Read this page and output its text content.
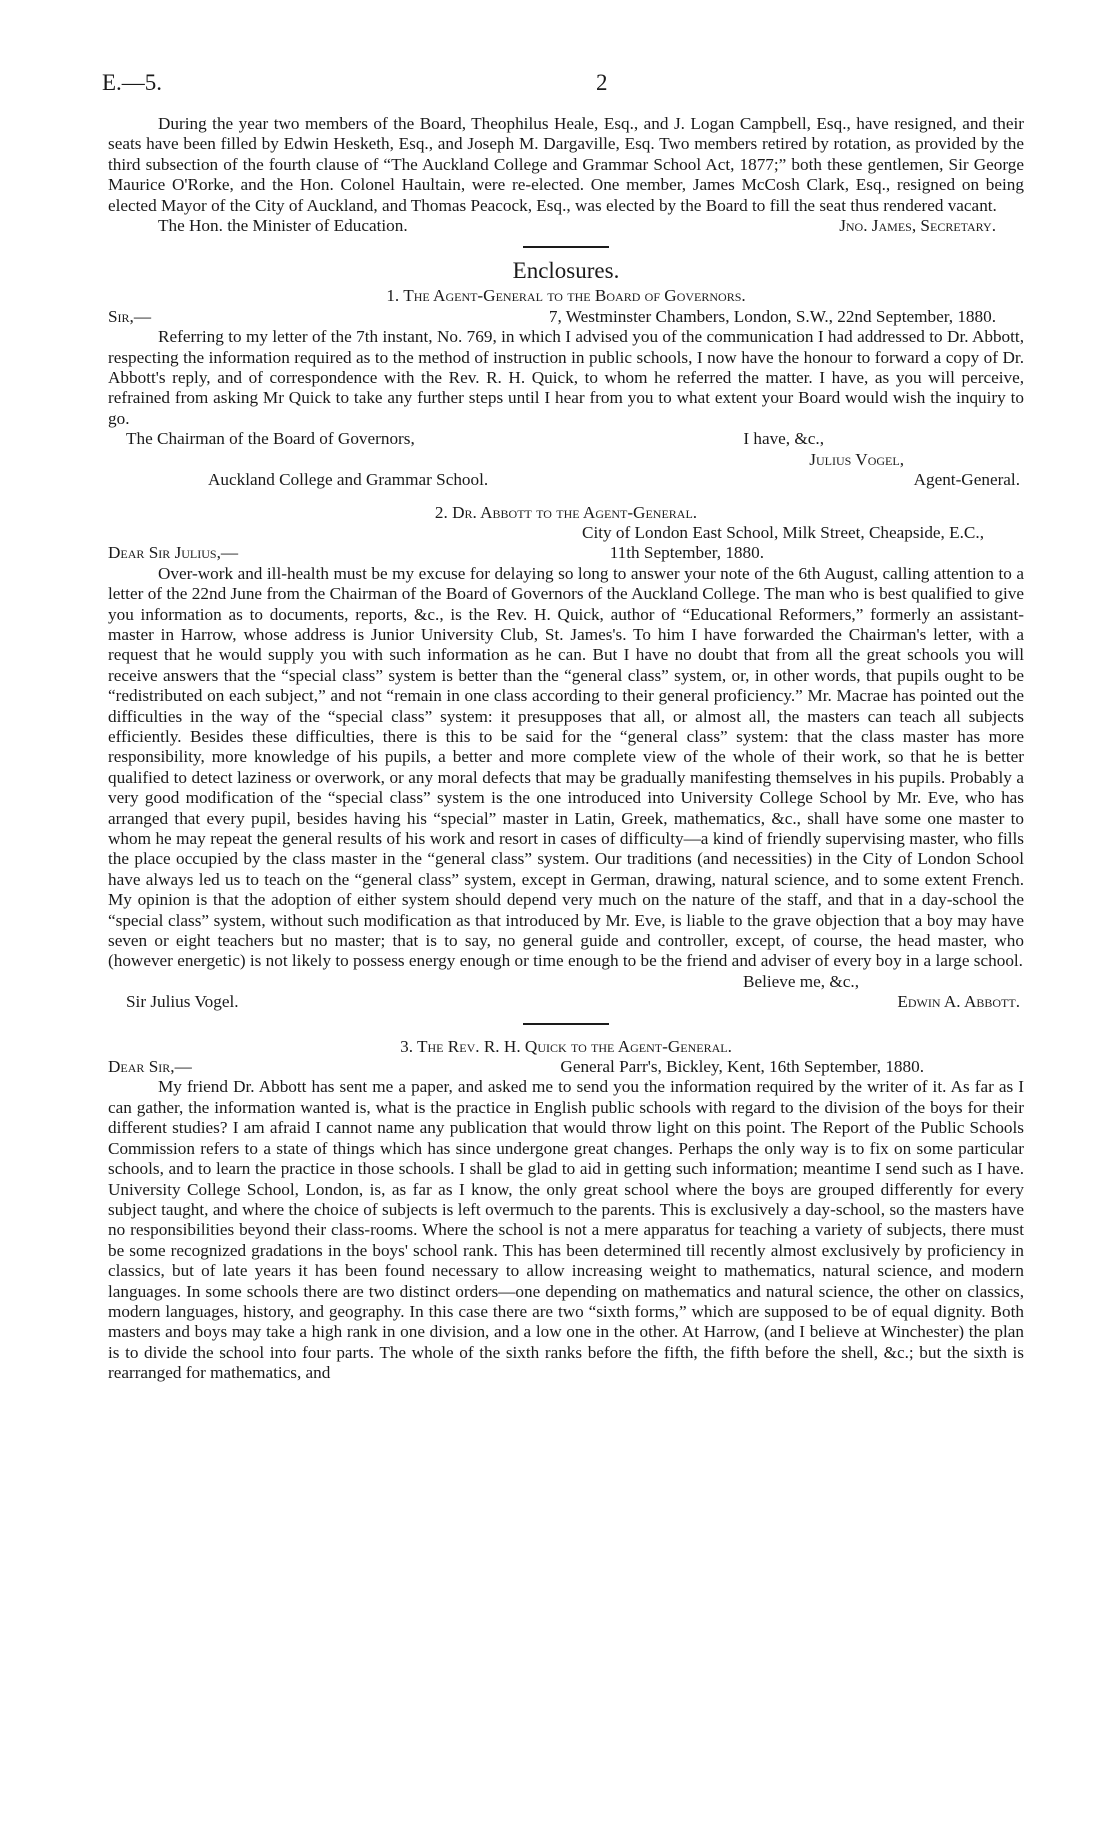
E.—5.	2

During the year two members of the Board, Theophilus Heale, Esq., and J. Logan Campbell, Esq., have resigned, and their seats have been filled by Edwin Hesketh, Esq., and Joseph M. Dargaville, Esq. Two members retired by rotation, as provided by the third subsection of the fourth clause of “The Auckland College and Grammar School Act, 1877;” both these gentlemen, Sir George Maurice O'Rorke, and the Hon. Colonel Haultain, were re-elected. One member, James McCosh Clark, Esq., resigned on being elected Mayor of the City of Auckland, and Thomas Peacock, Esq., was elected by the Board to fill the seat thus rendered vacant.

The Hon. the Minister of Education.	Jno. James, Secretary.
Enclosures.
1. The Agent-General to the Board of Governors.
Sir,—	7, Westminster Chambers, London, S.W., 22nd September, 1880.

Referring to my letter of the 7th instant, No. 769, in which I advised you of the communication I had addressed to Dr. Abbott, respecting the information required as to the method of instruction in public schools, I now have the honour to forward a copy of Dr. Abbott's reply, and of correspondence with the Rev. R. H. Quick, to whom he referred the matter. I have, as you will perceive, refrained from asking Mr Quick to take any further steps until I hear from you to what extent your Board would wish the inquiry to go.

The Chairman of the Board of Governors,	I have, &c.,
Julius Vogel,
Auckland College and Grammar School.	Agent-General.
2. Dr. Abbott to the Agent-General.
City of London East School, Milk Street, Cheapside, E.C.,
Dear Sir Julius,—	11th September, 1880.

Over-work and ill-health must be my excuse for delaying so long to answer your note of the 6th August, calling attention to a letter of the 22nd June from the Chairman of the Board of Governors of the Auckland College. The man who is best qualified to give you information as to documents, reports, &c., is the Rev. H. Quick, author of “Educational Reformers,” formerly an assistant-master in Harrow, whose address is Junior University Club, St. James's. To him I have forwarded the Chairman's letter, with a request that he would supply you with such information as he can. But I have no doubt that from all the great schools you will receive answers that the “special class” system is better than the “general class” system, or, in other words, that pupils ought to be “redistributed on each subject,” and not “remain in one class according to their general proficiency.” Mr. Macrae has pointed out the difficulties in the way of the “special class” system: it presupposes that all, or almost all, the masters can teach all subjects efficiently. Besides these difficulties, there is this to be said for the “general class” system: that the class master has more responsibility, more knowledge of his pupils, a better and more complete view of the whole of their work, so that he is better qualified to detect laziness or overwork, or any moral defects that may be gradually manifesting themselves in his pupils. Probably a very good modification of the “special class” system is the one introduced into University College School by Mr. Eve, who has arranged that every pupil, besides having his “special” master in Latin, Greek, mathematics, &c., shall have some one master to whom he may repeat the general results of his work and resort in cases of difficulty—a kind of friendly supervising master, who fills the place occupied by the class master in the “general class” system. Our traditions (and necessities) in the City of London School have always led us to teach on the “general class” system, except in German, drawing, natural science, and to some extent French. My opinion is that the adoption of either system should depend very much on the nature of the staff, and that in a day-school the “special class” system, without such modification as that introduced by Mr. Eve, is liable to the grave objection that a boy may have seven or eight teachers but no master; that is to say, no general guide and controller, except, of course, the head master, who (however energetic) is not likely to possess energy enough or time enough to be the friend and adviser of every boy in a large school.

Believe me, &c.,
Sir Julius Vogel.	Edwin A. Abbott.
3. The Rev. R. H. Quick to the Agent-General.
Dear Sir,—	General Parr's, Bickley, Kent, 16th September, 1880.

My friend Dr. Abbott has sent me a paper, and asked me to send you the information required by the writer of it. As far as I can gather, the information wanted is, what is the practice in English public schools with regard to the division of the boys for their different studies? I am afraid I cannot name any publication that would throw light on this point. The Report of the Public Schools Commission refers to a state of things which has since undergone great changes. Perhaps the only way is to fix on some particular schools, and to learn the practice in those schools. I shall be glad to aid in getting such information; meantime I send such as I have. University College School, London, is, as far as I know, the only great school where the boys are grouped differently for every subject taught, and where the choice of subjects is left overmuch to the parents. This is exclusively a day-school, so the masters have no responsibilities beyond their class-rooms. Where the school is not a mere apparatus for teaching a variety of subjects, there must be some recognized gradations in the boys' school rank. This has been determined till recently almost exclusively by proficiency in classics, but of late years it has been found necessary to allow increasing weight to mathematics, natural science, and modern languages. In some schools there are two distinct orders—one depending on mathematics and natural science, the other on classics, modern languages, history, and geography. In this case there are two “sixth forms,” which are supposed to be of equal dignity. Both masters and boys may take a high rank in one division, and a low one in the other. At Harrow, (and I believe at Winchester) the plan is to divide the school into four parts. The whole of the sixth ranks before the fifth, the fifth before the shell, &c.; but the sixth is rearranged for mathematics, and
